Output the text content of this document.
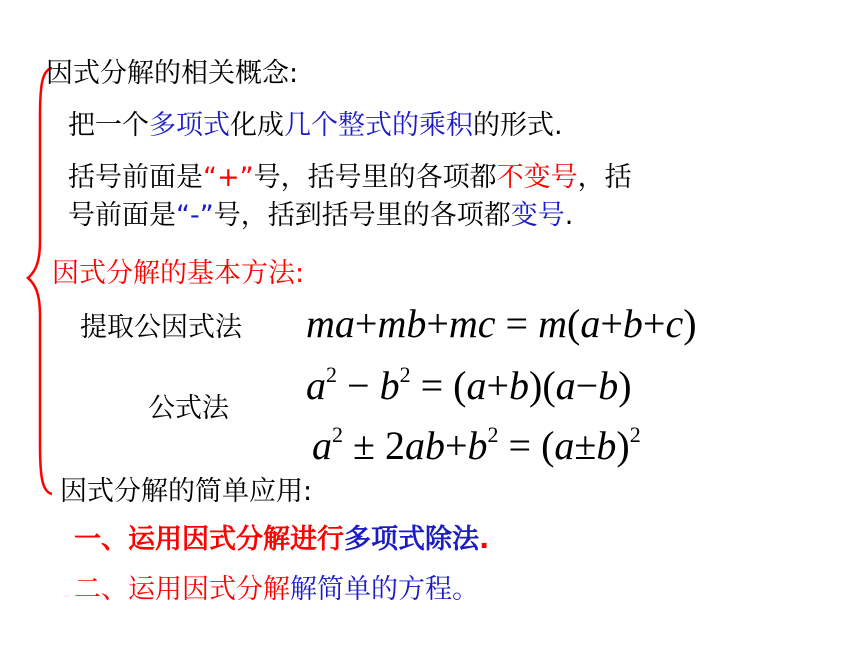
因式分解的相关概念:
把一个多项式化成几个整式的乘积的形式.
括号前面是“+”号，括号里的各项都不变号，括
号前面是“-”号，括到括号里的各项都变号.
因式分解的基本方法:
提取公因式法 ma+mb+mc = m(a+b+c)
公式法
$a^2 - b^2 = (a+b)(a-b)$
$a^2 \pm 2ab+b^2 = (a\pm b)^2$
因式分解的简单应用:
一、运用因式分解进行多项式除法.
二、运用因式分解解简单的方程。
